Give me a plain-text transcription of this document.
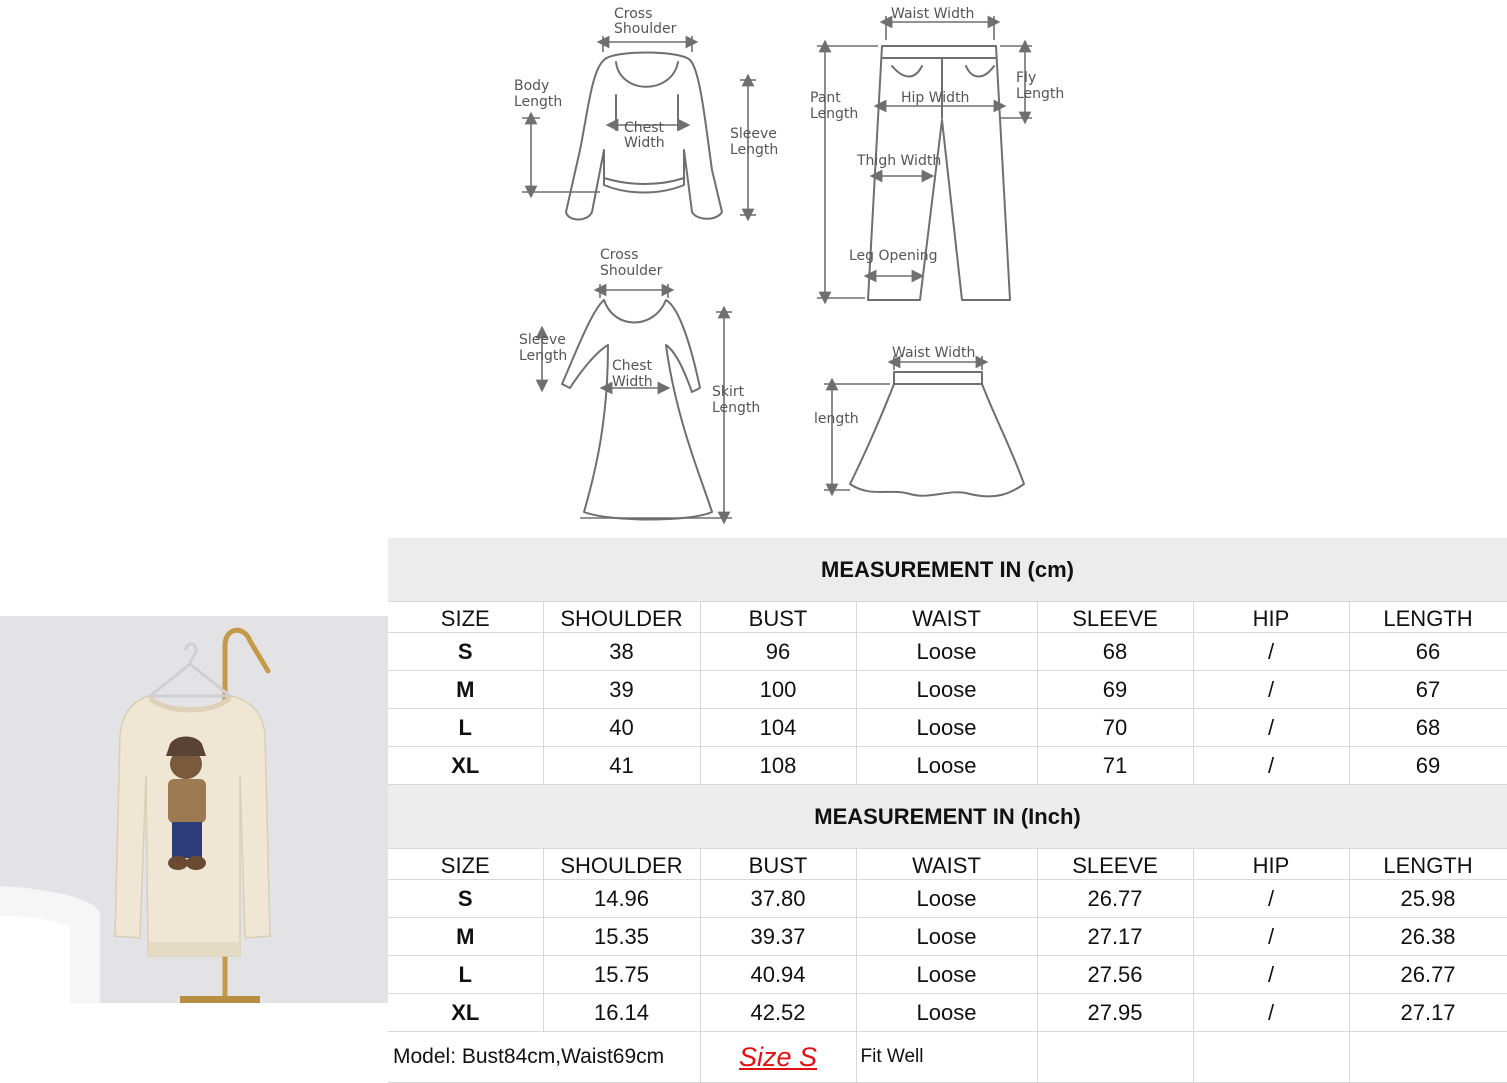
Cross
Shoulder
Body
Length
Chest
Width
Sleeve
Length
Waist Width
Pant
Length
Hip Width
Fly
Length
Thigh Width
Leg Opening
Cross
Shoulder
Sleeve
Length
Chest
Width
Skirt
Length
Waist Width
length
MEASUREMENT IN (cm)						
SIZE	SHOULDER	BUST	WAIST	SLEEVE	HIP	LENGTH
S	38	96	Loose	68	/	66
M	39	100	Loose	69	/	67
L	40	104	Loose	70	/	68
XL	41	108	Loose	71	/	69
MEASUREMENT IN (Inch)						
SIZE	SHOULDER	BUST	WAIST	SLEEVE	HIP	LENGTH
S	14.96	37.80	Loose	26.77	/	25.98
M	15.35	39.37	Loose	27.17	/	26.38
L	15.75	40.94	Loose	27.56	/	26.77
XL	16.14	42.52	Loose	27.95	/	27.17
Model: Bust84cm,Waist69cm		Size S	Fit Well			
